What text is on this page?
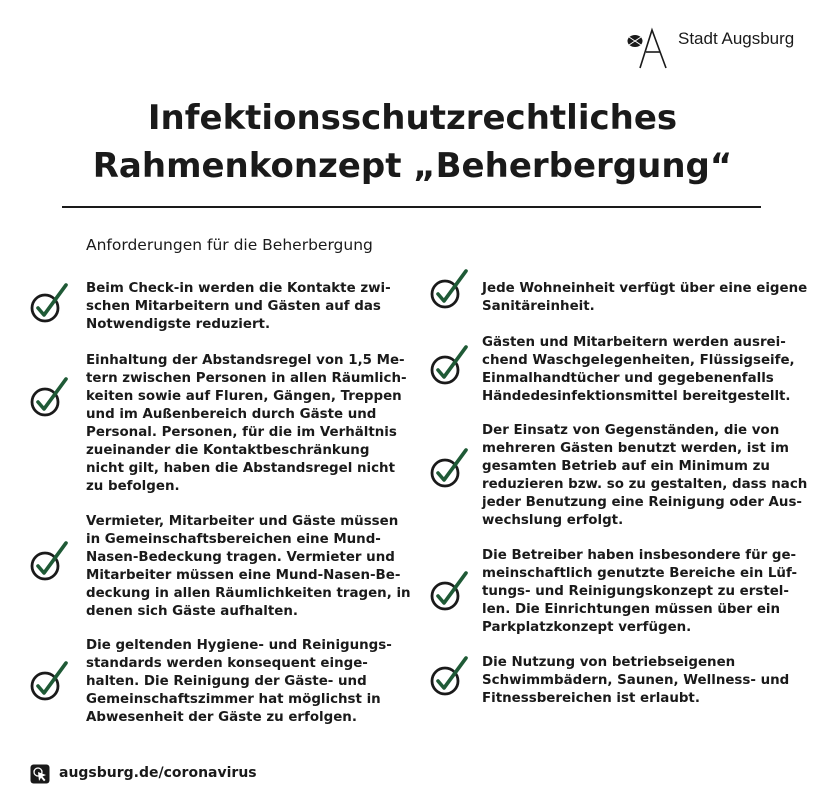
Stadt Augsburg
Infektionsschutzrechtliches
Rahmenkonzept „Beherbergung“
Anforderungen für die Beherbergung
Beim Check-in werden die Kontakte zwi-
schen Mitarbeitern und Gästen auf das
Notwendigste reduziert.
Einhaltung der Abstandsregel von 1,5 Me-
tern zwischen Personen in allen Räumlich-
keiten sowie auf Fluren, Gängen, Treppen
und im Außenbereich durch Gäste und
Personal. Personen, für die im Verhältnis
zueinander die Kontaktbeschränkung
nicht gilt, haben die Abstandsregel nicht
zu befolgen.
Vermieter, Mitarbeiter und Gäste müssen
in Gemeinschaftsbereichen eine Mund-
Nasen-Bedeckung tragen. Vermieter und
Mitarbeiter müssen eine Mund-Nasen-Be-
deckung in allen Räumlichkeiten tragen, in
denen sich Gäste aufhalten.
Die geltenden Hygiene- und Reinigungs-
standards werden konsequent einge-
halten. Die Reinigung der Gäste- und
Gemeinschaftszimmer hat möglichst in
Abwesenheit der Gäste zu erfolgen.
Jede Wohneinheit verfügt über eine eigene
Sanitäreinheit.
Gästen und Mitarbeitern werden ausrei-
chend Waschgelegenheiten, Flüssigseife,
Einmalhandtücher und gegebenenfalls
Händedesinfektionsmittel bereitgestellt.
Der Einsatz von Gegenständen, die von
mehreren Gästen benutzt werden, ist im
gesamten Betrieb auf ein Minimum zu
reduzieren bzw. so zu gestalten, dass nach
jeder Benutzung eine Reinigung oder Aus-
wechslung erfolgt.
Die Betreiber haben insbesondere für ge-
meinschaftlich genutzte Bereiche ein Lüf-
tungs- und Reinigungskonzept zu erstel-
len. Die Einrichtungen müssen über ein
Parkplatzkonzept verfügen.
Die Nutzung von betriebseigenen
Schwimmbädern, Saunen, Wellness- und
Fitnessbereichen ist erlaubt.
augsburg.de/coronavirus
